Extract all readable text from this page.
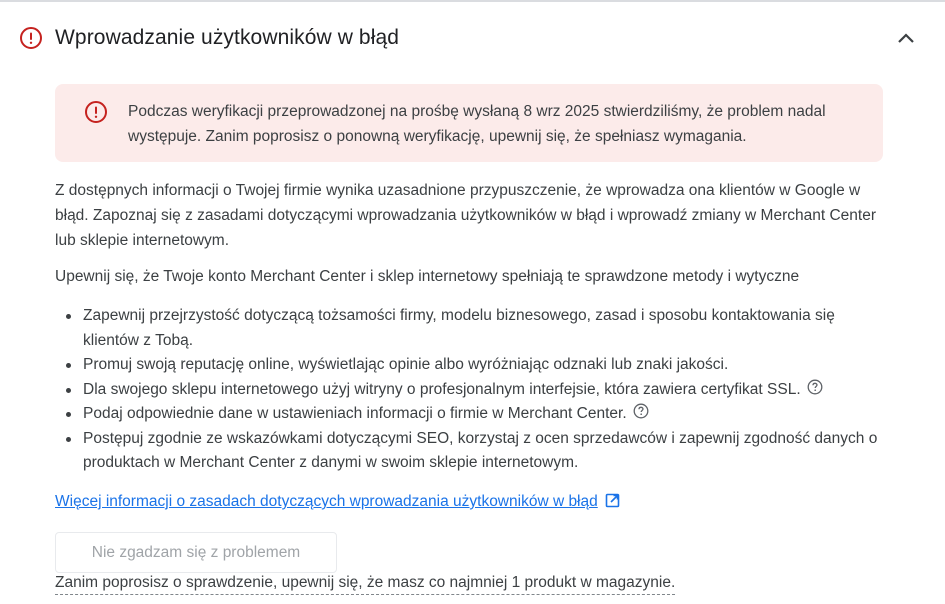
Wprowadzanie użytkowników w błąd
Podczas weryfikacji przeprowadzonej na prośbę wysłaną 8 wrz 2025 stwierdziliśmy, że problem nadal występuje. Zanim poprosisz o ponowną weryfikację, upewnij się, że spełniasz wymagania.

Z dostępnych informacji o Twojej firmie wynika uzasadnione przypuszczenie, że wprowadza ona klientów w Google w błąd. Zapoznaj się z zasadami dotyczącymi wprowadzania użytkowników w błąd i wprowadź zmiany w Merchant Center lub sklepie internetowym.

Upewnij się, że Twoje konto Merchant Center i sklep internetowy spełniają te sprawdzone metody i wytyczne

Zapewnij przejrzystość dotyczącą tożsamości firmy, modelu biznesowego, zasad i sposobu kontaktowania się klientów z Tobą.
Promuj swoją reputację online, wyświetlając opinie albo wyróżniając odznaki lub znaki jakości.
Dla swojego sklepu internetowego użyj witryny o profesjonalnym interfejsie, która zawiera certyfikat SSL.
Podaj odpowiednie dane w ustawieniach informacji o firmie w Merchant Center.
Postępuj zgodnie ze wskazówkami dotyczącymi SEO, korzystaj z ocen sprzedawców i zapewnij zgodność danych o produktach w Merchant Center z danymi w swoim sklepie internetowym.
Więcej informacji o zasadach dotyczących wprowadzania użytkowników w błąd
Nie zgadzam się z problemem
Zanim poprosisz o sprawdzenie, upewnij się, że masz co najmniej 1 produkt w magazynie.
